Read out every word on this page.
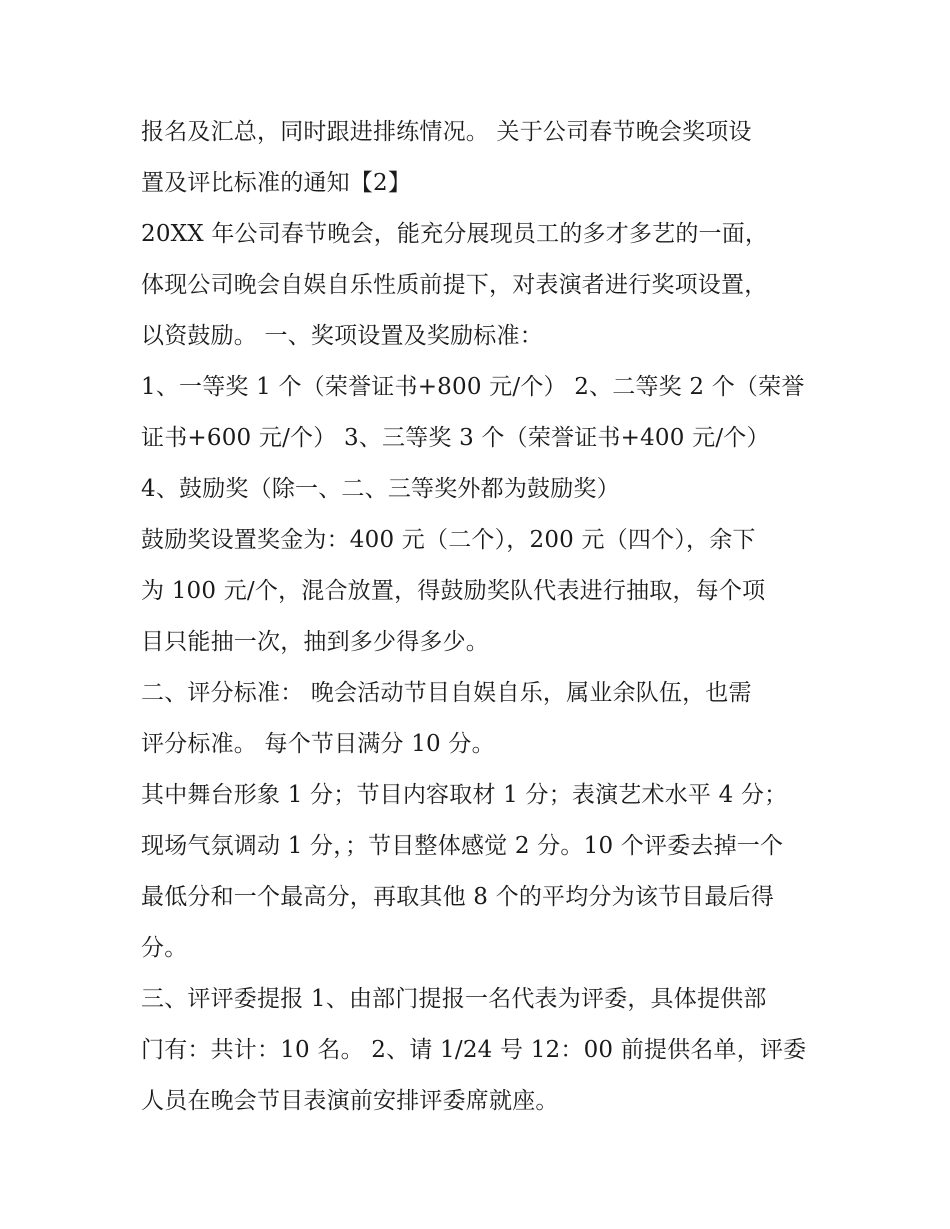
报名及汇总，同时跟进排练情况。 关于公司春节晚会奖项设
置及评比标准的通知【2】
20XX 年公司春节晚会，能充分展现员工的多才多艺的一面，
体现公司晚会自娱自乐性质前提下，对表演者进行奖项设置，
以资鼓励。 一、奖项设置及奖励标准：
1、一等奖 1 个（荣誉证书+800 元/个） 2、二等奖 2 个（荣誉
证书+600 元/个） 3、三等奖 3 个（荣誉证书+400 元/个）
4、鼓励奖（除一、二、三等奖外都为鼓励奖）
鼓励奖设置奖金为：400 元（二个），200 元（四个），余下
为 100 元/个，混合放置，得鼓励奖队代表进行抽取，每个项
目只能抽一次，抽到多少得多少。
二、评分标准： 晚会活动节目自娱自乐，属业余队伍，也需
评分标准。 每个节目满分 10 分。
其中舞台形象 1 分；节目内容取材 1 分；表演艺术水平 4 分；
现场气氛调动 1 分，；节目整体感觉 2 分。10 个评委去掉一个
最低分和一个最高分，再取其他 8 个的平均分为该节目最后得
分。
三、评评委提报 1、由部门提报一名代表为评委，具体提供部
门有：共计：10 名。 2、请 1/24 号 12：00 前提供名单，评委
人员在晚会节目表演前安排评委席就座。
